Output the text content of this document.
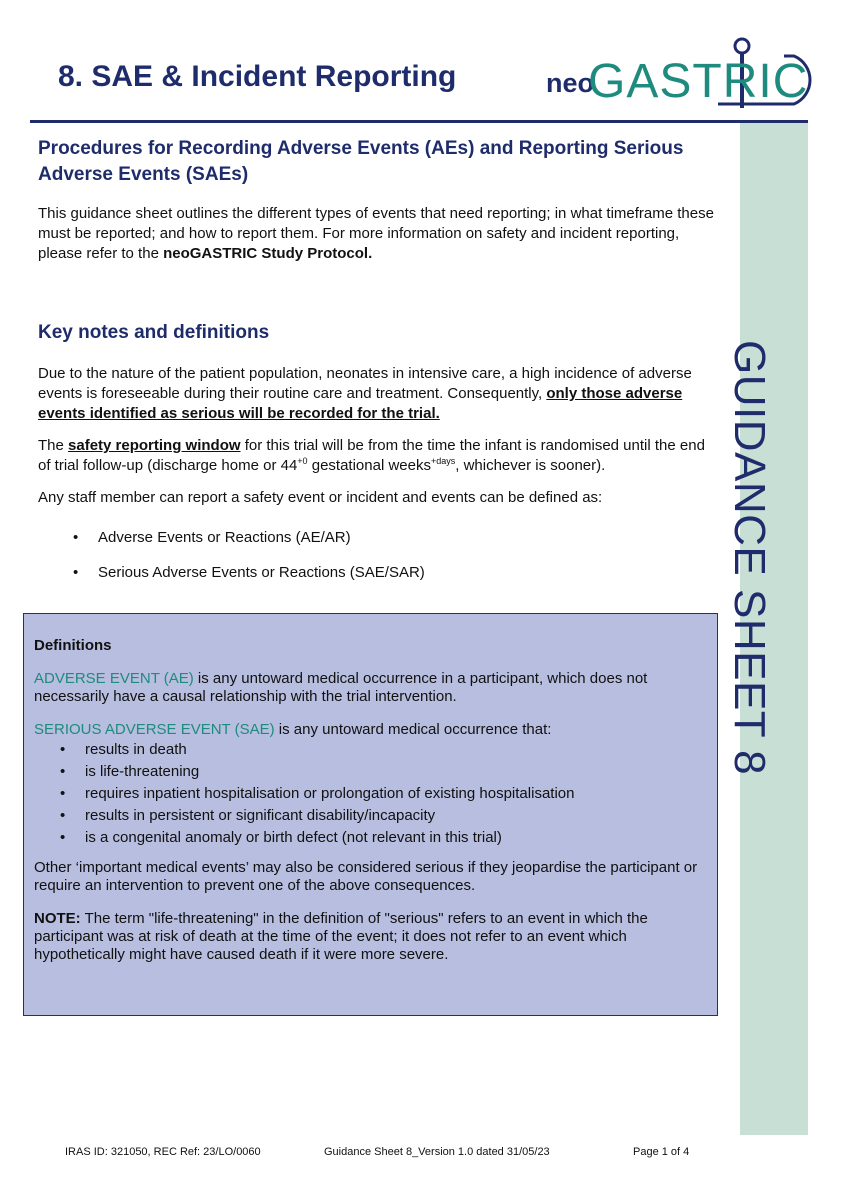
8. SAE & Incident Reporting	neo
GASTRIC
GUIDANCE SHEET 8
Procedures for Recording Adverse Events (AEs) and Reporting Serious Adverse Events (SAEs)

This guidance sheet outlines the different types of events that need reporting; in what timeframe these must be reported; and how to report them. For more information on safety and incident reporting, please refer to the neoGASTRIC Study Protocol.

Key notes and definitions

Due to the nature of the patient population, neonates in intensive care, a high incidence of adverse events is foreseeable during their routine care and treatment. Consequently, only those adverse events identified as serious will be recorded for the trial.

The safety reporting window for this trial will be from the time the infant is randomised until the end of trial follow-up (discharge home or $44^{+0}$ gestational weeks$^{+days}$, whichever is sooner).

Any staff member can report a safety event or incident and events can be defined as:

• Adverse Events or Reactions (AE/AR)
• Serious Adverse Events or Reactions (SAE/SAR)

Definitions

ADVERSE EVENT (AE) is any untoward medical occurrence in a participant, which does not necessarily have a causal relationship with the trial intervention.

SERIOUS ADVERSE EVENT (SAE) is any untoward medical occurrence that:

• results in death
• is life-threatening
• requires inpatient hospitalisation or prolongation of existing hospitalisation
• results in persistent or significant disability/incapacity
• is a congenital anomaly or birth defect (not relevant in this trial)

Other ‘important medical events’ may also be considered serious if they jeopardise the participant or require an intervention to prevent one of the above consequences.

NOTE: The term "life-threatening" in the definition of "serious" refers to an event in which the participant was at risk of death at the time of the event; it does not refer to an event which hypothetically might have caused death if it were more severe.

IRAS ID: 321050, REC Ref: 23/LO/0060	Guidance Sheet 8_Version 1.0 dated 31/05/23	Page 1 of 4
